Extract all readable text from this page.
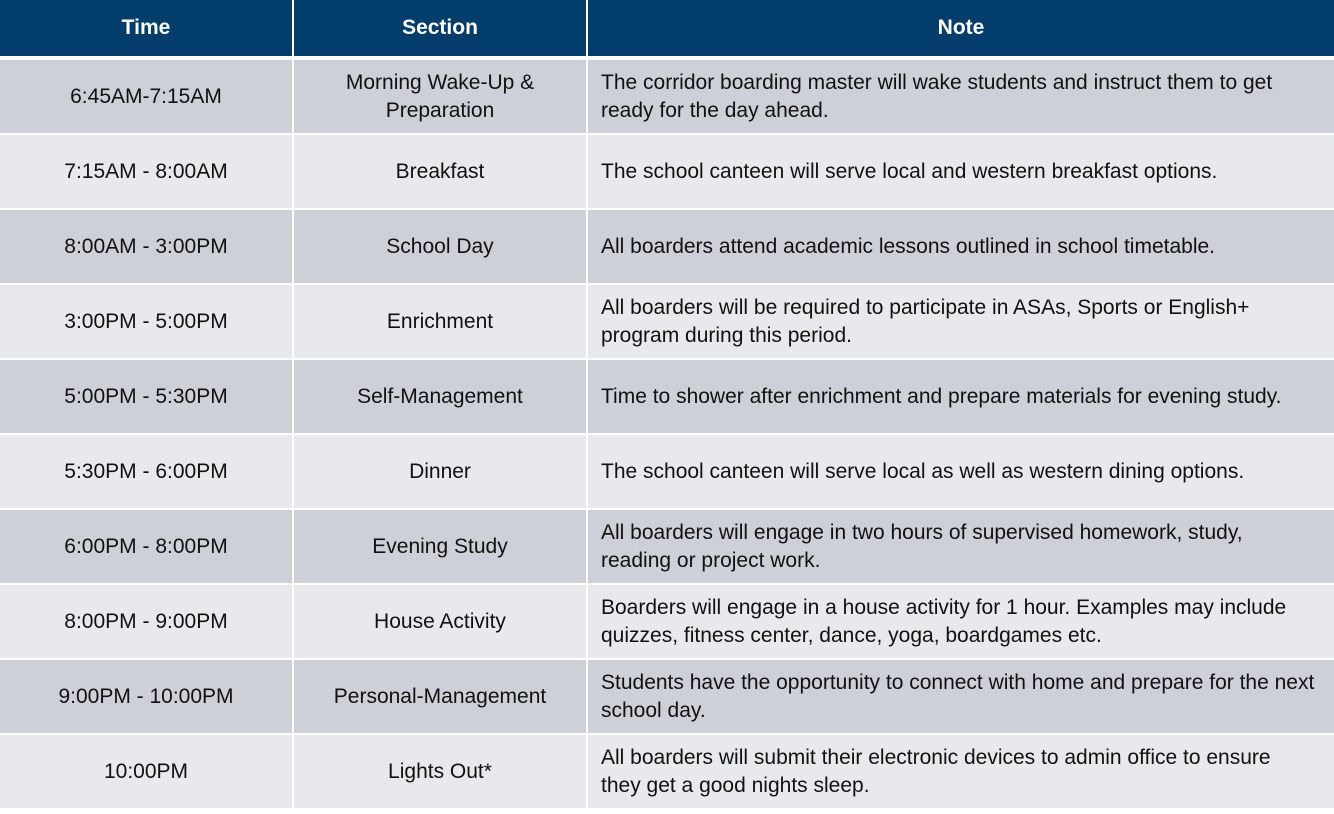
Time	Section	Note
6:45AM-7:15AM	Morning Wake-Up & Preparation	The corridor boarding master will wake students and instruct them to get ready for the day ahead.
7:15AM - 8:00AM	Breakfast	The school canteen will serve local and western breakfast options.
8:00AM - 3:00PM	School Day	All boarders attend academic lessons outlined in school timetable.
3:00PM - 5:00PM	Enrichment	All boarders will be required to participate in ASAs, Sports or English+ program during this period.
5:00PM - 5:30PM	Self-Management	Time to shower after enrichment and prepare materials for evening study.
5:30PM - 6:00PM	Dinner	The school canteen will serve local as well as western dining options.
6:00PM - 8:00PM	Evening Study	All boarders will engage in two hours of supervised homework, study, reading or project work.
8:00PM - 9:00PM	House Activity	Boarders will engage in a house activity for 1 hour. Examples may include quizzes, fitness center, dance, yoga, boardgames etc.
9:00PM - 10:00PM	Personal-Management	Students have the opportunity to connect with home and prepare for the next school day.
10:00PM	Lights Out*	All boarders will submit their electronic devices to admin office to ensure they get a good nights sleep.
